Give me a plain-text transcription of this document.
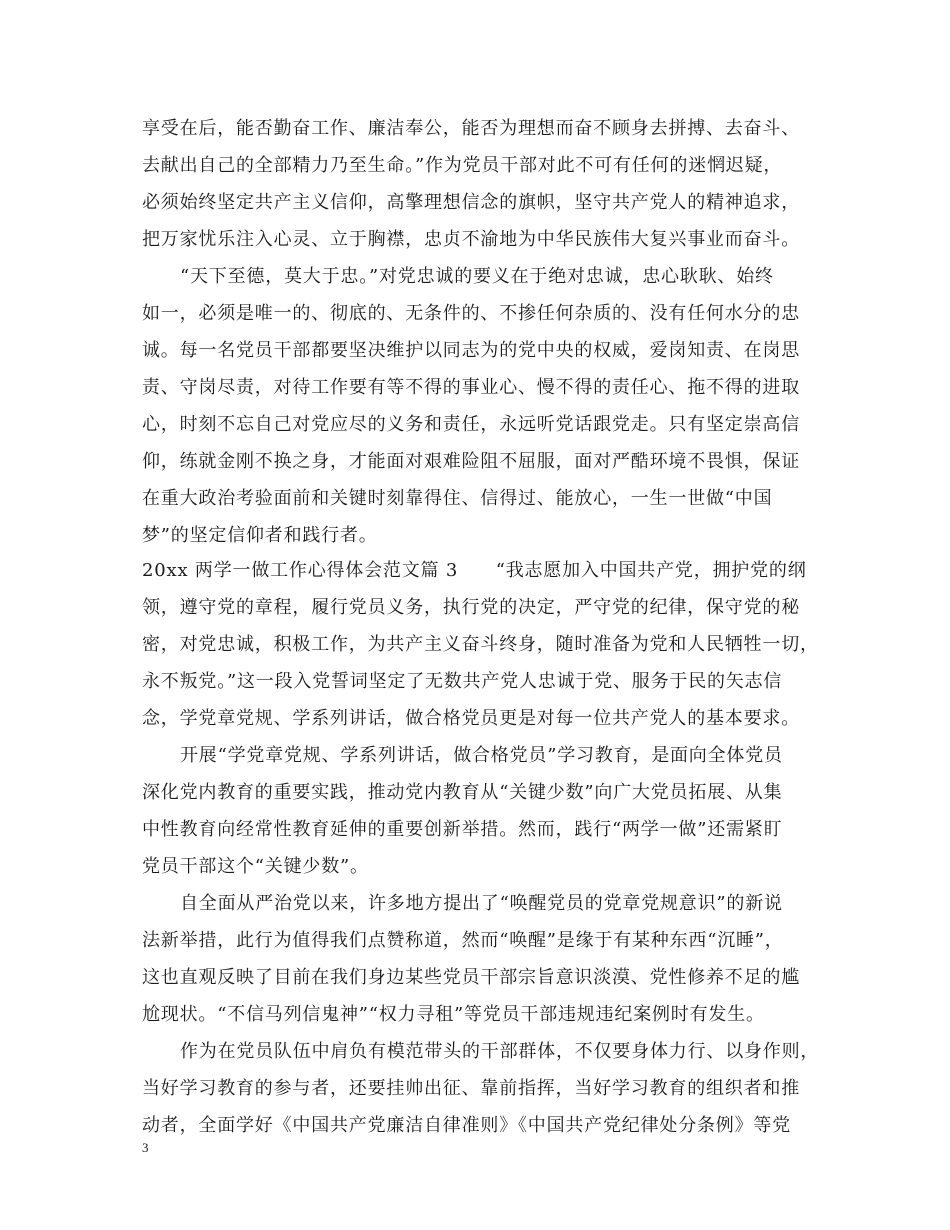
享受在后，能否勤奋工作、廉洁奉公，能否为理想而奋不顾身去拼搏、去奋斗、
去献出自己的全部精力乃至生命。”作为党员干部对此不可有任何的迷惘迟疑，
必须始终坚定共产主义信仰，高擎理想信念的旗帜，坚守共产党人的精神追求，
把万家忧乐注入心灵、立于胸襟，忠贞不渝地为中华民族伟大复兴事业而奋斗。
“天下至德，莫大于忠。”对党忠诚的要义在于绝对忠诚，忠心耿耿、始终
如一，必须是唯一的、彻底的、无条件的、不掺任何杂质的、没有任何水分的忠
诚。每一名党员干部都要坚决维护以同志为的党中央的权威，爱岗知责、在岗思
责、守岗尽责，对待工作要有等不得的事业心、慢不得的责任心、拖不得的进取
心，时刻不忘自己对党应尽的义务和责任，永远听党话跟党走。只有坚定崇高信
仰，练就金刚不换之身，才能面对艰难险阻不屈服，面对严酷环境不畏惧，保证
在重大政治考验面前和关键时刻靠得住、信得过、能放心，一生一世做“中国
梦”的坚定信仰者和践行者。
20xx 两学一做工作心得体会范文篇 3　　“我志愿加入中国共产党，拥护党的纲
领，遵守党的章程，履行党员义务，执行党的决定，严守党的纪律，保守党的秘
密，对党忠诚，积极工作，为共产主义奋斗终身，随时准备为党和人民牺牲一切，
永不叛党。”这一段入党誓词坚定了无数共产党人忠诚于党、服务于民的矢志信
念，学党章党规、学系列讲话，做合格党员更是对每一位共产党人的基本要求。
开展“学党章党规、学系列讲话，做合格党员”学习教育，是面向全体党员
深化党内教育的重要实践，推动党内教育从“关键少数”向广大党员拓展、从集
中性教育向经常性教育延伸的重要创新举措。然而，践行“两学一做”还需紧盯
党员干部这个“关键少数”。
自全面从严治党以来，许多地方提出了“唤醒党员的党章党规意识”的新说
法新举措，此行为值得我们点赞称道，然而“唤醒”是缘于有某种东西“沉睡”，
这也直观反映了目前在我们身边某些党员干部宗旨意识淡漠、党性修养不足的尴
尬现状。“不信马列信鬼神”“权力寻租”等党员干部违规违纪案例时有发生。
作为在党员队伍中肩负有模范带头的干部群体，不仅要身体力行、以身作则，
当好学习教育的参与者，还要挂帅出征、靠前指挥，当好学习教育的组织者和推
动者，全面学好《中国共产党廉洁自律准则》《中国共产党纪律处分条例》等党
3
